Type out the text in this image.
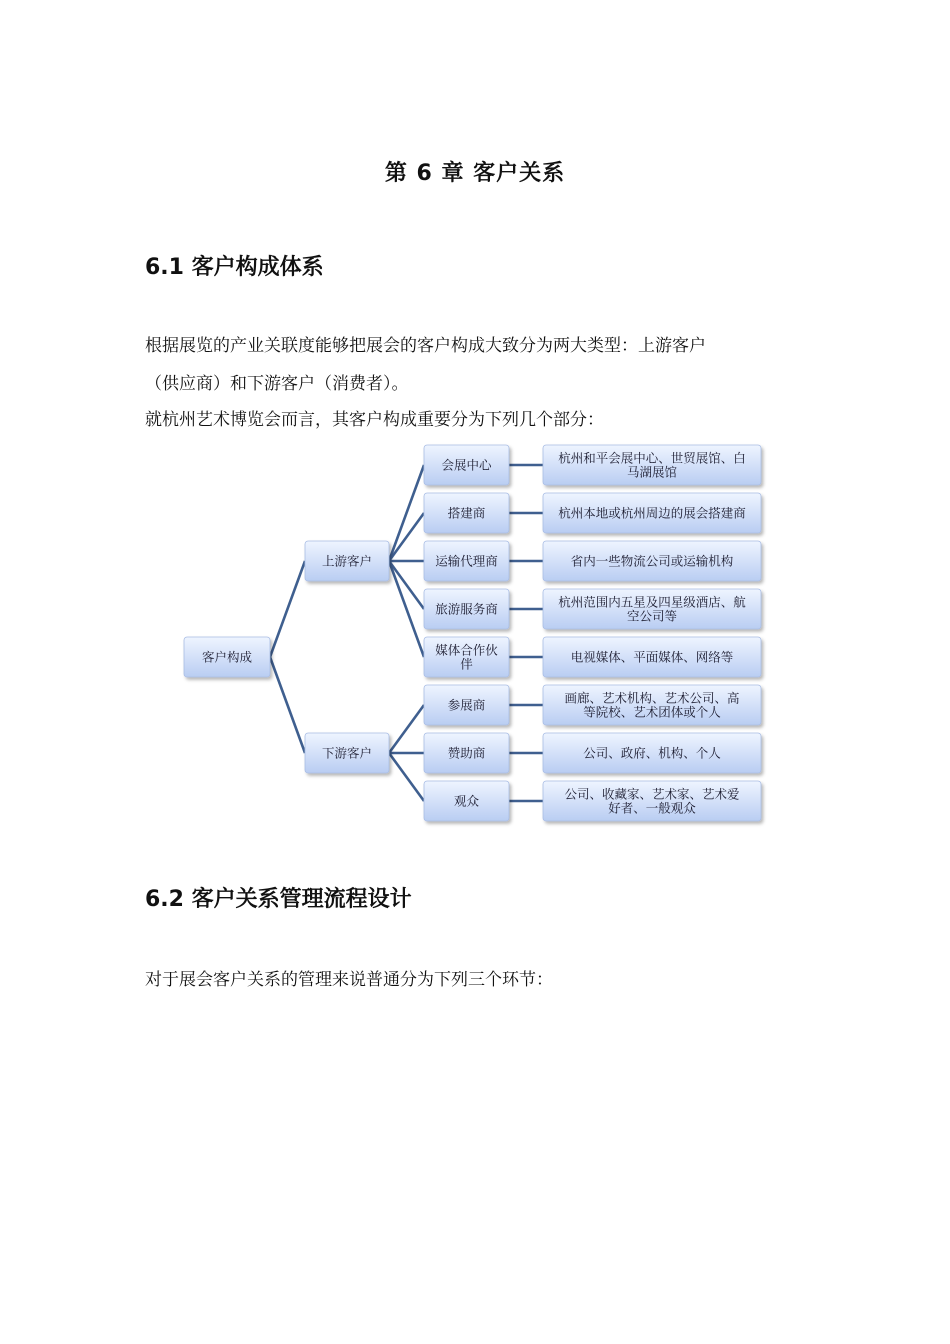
第 6 章 客户关系
6.1 客户构成体系
根据展览的产业关联度能够把展会的客户构成大致分为两大类型：上游客户
（供应商）和下游客户（消费者）。
就杭州艺术博览会而言，其客户构成重要分为下列几个部分：
客户构成
上游客户
会展中心	杭州和平会展中心、世贸展馆、白
马湖展馆
搭建商	杭州本地或杭州周边的展会搭建商
运输代理商	省内一些物流公司或运输机构
旅游服务商	杭州范围内五星及四星级酒店、航
空公司等
媒体合作伙
伴	电视媒体、平面媒体、网络等
下游客户
参展商	画廊、艺术机构、艺术公司、高
等院校、艺术团体或个人
赞助商	公司、政府、机构、个人
观众	公司、收藏家、艺术家、艺术爱
好者、一般观众
6.2 客户关系管理流程设计
对于展会客户关系的管理来说普通分为下列三个环节：
